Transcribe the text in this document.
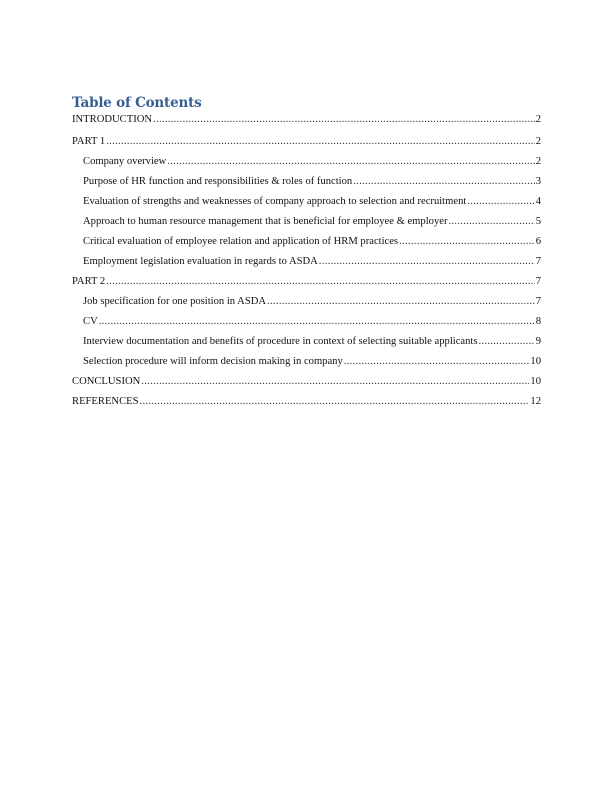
Table of Contents
INTRODUCTION .....	2
PART 1 .....	2
Company overview .....	2
Purpose of HR function and responsibilities & roles of function .....	3
Evaluation of strengths and weaknesses of company approach to selection and recruitment .....	4
Approach to human resource management that is beneficial for employee & employer .....	5
Critical evaluation of employee relation and application of HRM practices .....	6
Employment legislation evaluation in regards to ASDA .....	7
PART 2 .....	7
Job specification for one position in ASDA .....	7
CV .....	8
Interview documentation and benefits of procedure in context of selecting suitable applicants .....	9
Selection procedure will inform decision making in company .....	10
CONCLUSION .....	10
REFERENCES .....	12
